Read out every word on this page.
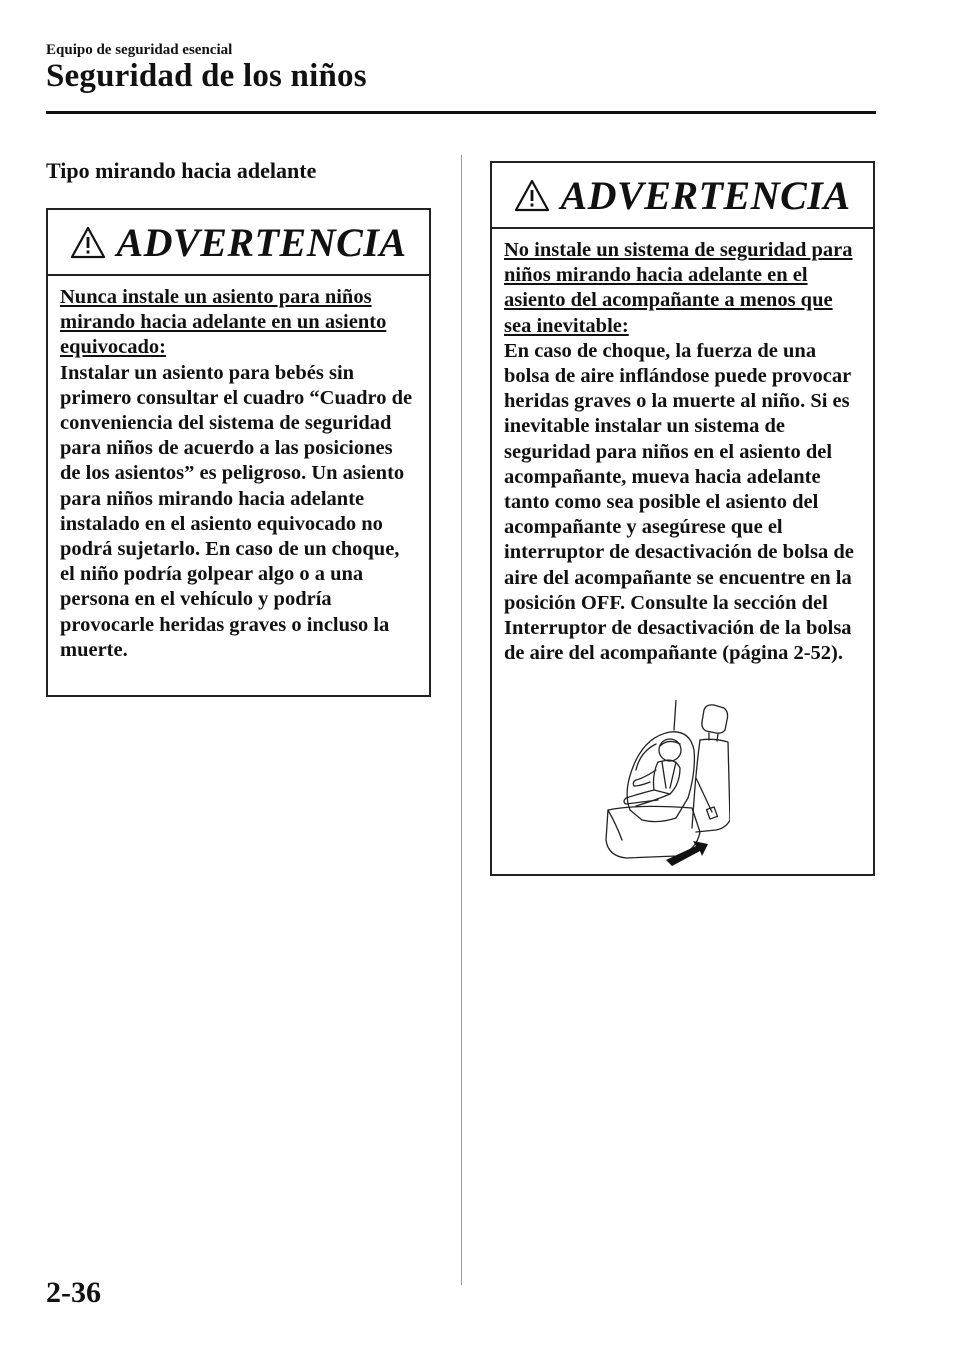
Equipo de seguridad esencial
Seguridad de los niños
Tipo mirando hacia adelante
ADVERTENCIA

Nunca instale un asiento para niños mirando hacia adelante en un asiento equivocado:
Instalar un asiento para bebés sin primero consultar el cuadro “Cuadro de conveniencia del sistema de seguridad para niños de acuerdo a las posiciones de los asientos” es peligroso. Un asiento para niños mirando hacia adelante instalado en el asiento equivocado no podrá sujetarlo. En caso de un choque, el niño podría golpear algo o a una persona en el vehículo y podría provocarle heridas graves o incluso la muerte.

ADVERTENCIA

No instale un sistema de seguridad para niños mirando hacia adelante en el asiento del acompañante a menos que sea inevitable:
En caso de choque, la fuerza de una bolsa de aire inflándose puede provocar heridas graves o la muerte al niño. Si es inevitable instalar un sistema de seguridad para niños en el asiento del acompañante, mueva hacia adelante tanto como sea posible el asiento del acompañante y asegúrese que el interruptor de desactivación de bolsa de aire del acompañante se encuentre en la posición OFF. Consulte la sección del Interruptor de desactivación de la bolsa de aire del acompañante (página 2-52).

2-36
